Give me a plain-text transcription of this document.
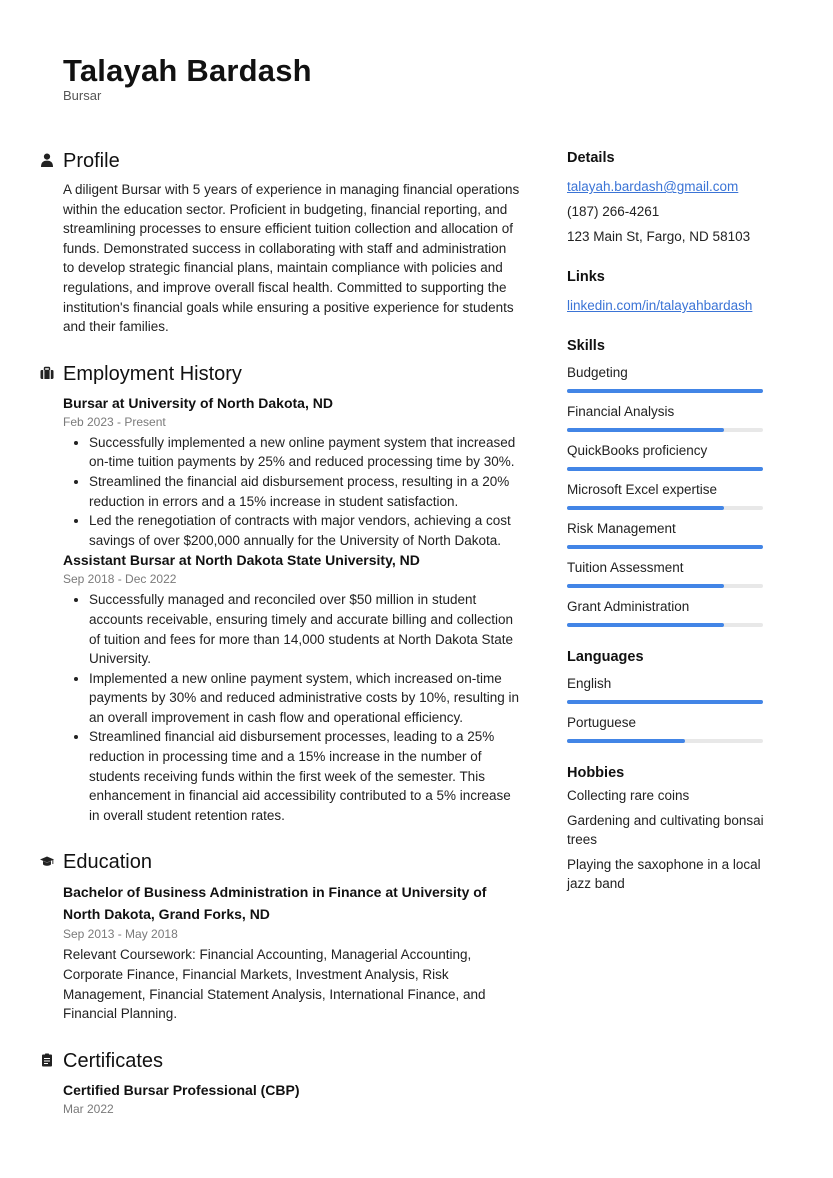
Talayah Bardash
Bursar
Profile
A diligent Bursar with 5 years of experience in managing financial operations within the education sector. Proficient in budgeting, financial reporting, and streamlining processes to ensure efficient tuition collection and allocation of funds. Demonstrated success in collaborating with staff and administration to develop strategic financial plans, maintain compliance with policies and regulations, and improve overall fiscal health. Committed to supporting the institution's financial goals while ensuring a positive experience for students and their families.
Employment History
Bursar at University of North Dakota, ND
Feb 2023 - Present
• Successfully implemented a new online payment system that increased on-time tuition payments by 25% and reduced processing time by 30%.
• Streamlined the financial aid disbursement process, resulting in a 20% reduction in errors and a 15% increase in student satisfaction.
• Led the renegotiation of contracts with major vendors, achieving a cost savings of over $200,000 annually for the University of North Dakota.
Assistant Bursar at North Dakota State University, ND
Sep 2018 - Dec 2022
• Successfully managed and reconciled over $50 million in student accounts receivable, ensuring timely and accurate billing and collection of tuition and fees for more than 14,000 students at North Dakota State University.
• Implemented a new online payment system, which increased on-time payments by 30% and reduced administrative costs by 10%, resulting in an overall improvement in cash flow and operational efficiency.
• Streamlined financial aid disbursement processes, leading to a 25% reduction in processing time and a 15% increase in the number of students receiving funds within the first week of the semester. This enhancement in financial aid accessibility contributed to a 5% increase in overall student retention rates.
Education
Bachelor of Business Administration in Finance at University of North Dakota, Grand Forks, ND
Sep 2013 - May 2018
Relevant Coursework: Financial Accounting, Managerial Accounting, Corporate Finance, Financial Markets, Investment Analysis, Risk Management, Financial Statement Analysis, International Finance, and Financial Planning.
Certificates
Certified Bursar Professional (CBP)
Mar 2022
Details
talayah.bardash@gmail.com
(187) 266-4261
123 Main St, Fargo, ND 58103
Links
linkedin.com/in/talayahbardash
Skills
Budgeting
Financial Analysis
QuickBooks proficiency
Microsoft Excel expertise
Risk Management
Tuition Assessment
Grant Administration
Languages
English
Portuguese
Hobbies
Collecting rare coins
Gardening and cultivating bonsai trees
Playing the saxophone in a local jazz band
